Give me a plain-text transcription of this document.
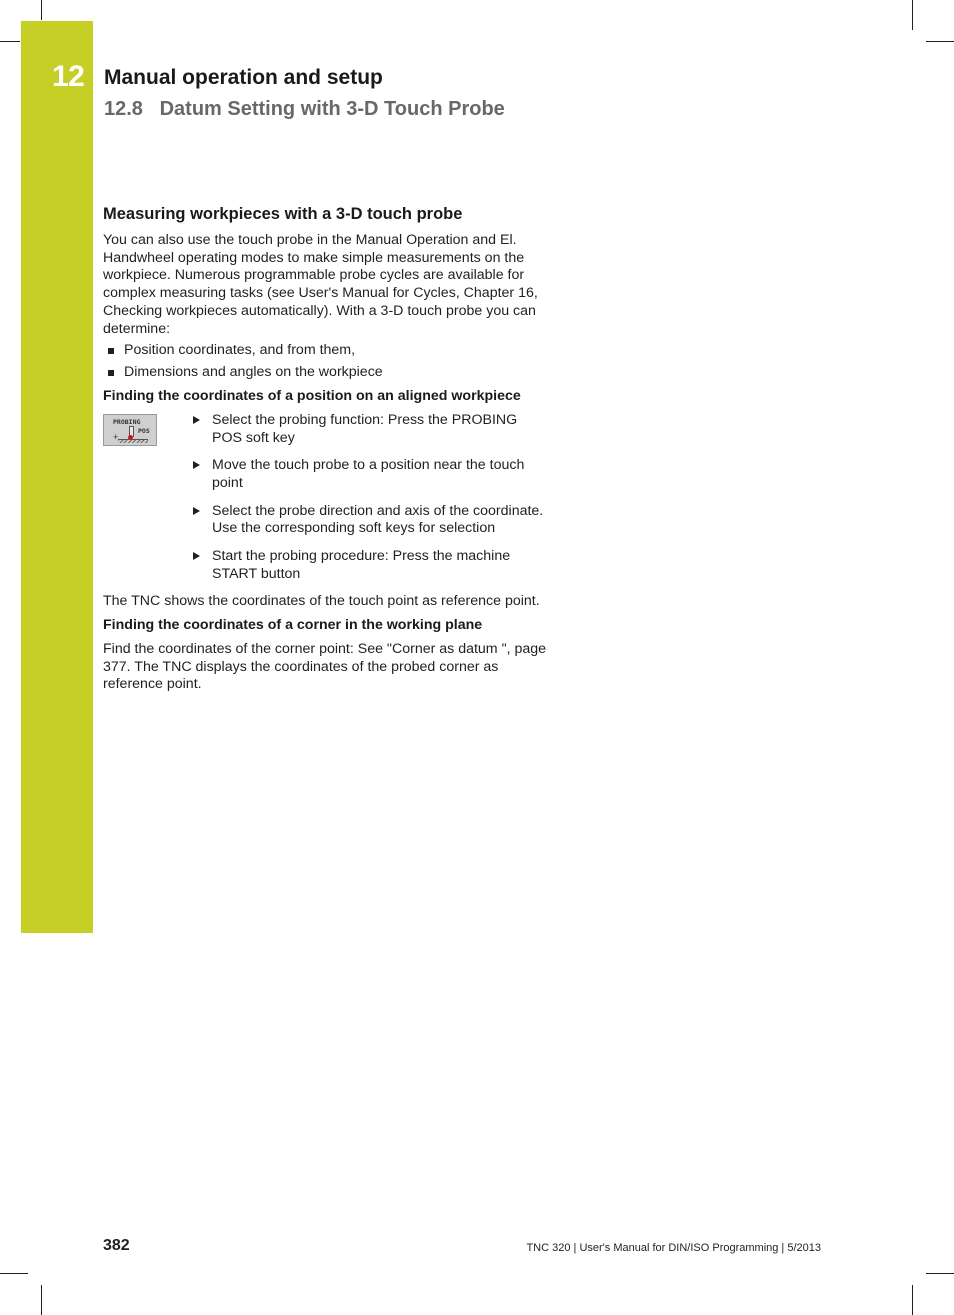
12 Manual operation and setup
12.8   Datum Setting with 3-D Touch Probe
Measuring workpieces with a 3-D touch probe

You can also use the touch probe in the Manual Operation and El. Handwheel operating modes to make simple measurements on the workpiece. Numerous programmable probe cycles are available for complex measuring tasks (see User's Manual for Cycles, Chapter 16, Checking workpieces automatically). With a 3-D touch probe you can determine:

Position coordinates, and from them,
Dimensions and angles on the workpiece
Finding the coordinates of a position on an aligned workpiece
PROBING
POS
+
Select the probing function: Press the PROBING POS soft key
Move the touch probe to a position near the touch point
Select the probe direction and axis of the coordinate. Use the corresponding soft keys for selection
Start the probing procedure: Press the machine START button

The TNC shows the coordinates of the touch point as reference point.

Finding the coordinates of a corner in the working plane

Find the coordinates of the corner point: See "Corner as datum ", page 377. The TNC displays the coordinates of the probed corner as reference point.

382	TNC 320 | User's Manual for DIN/ISO Programming | 5/2013
